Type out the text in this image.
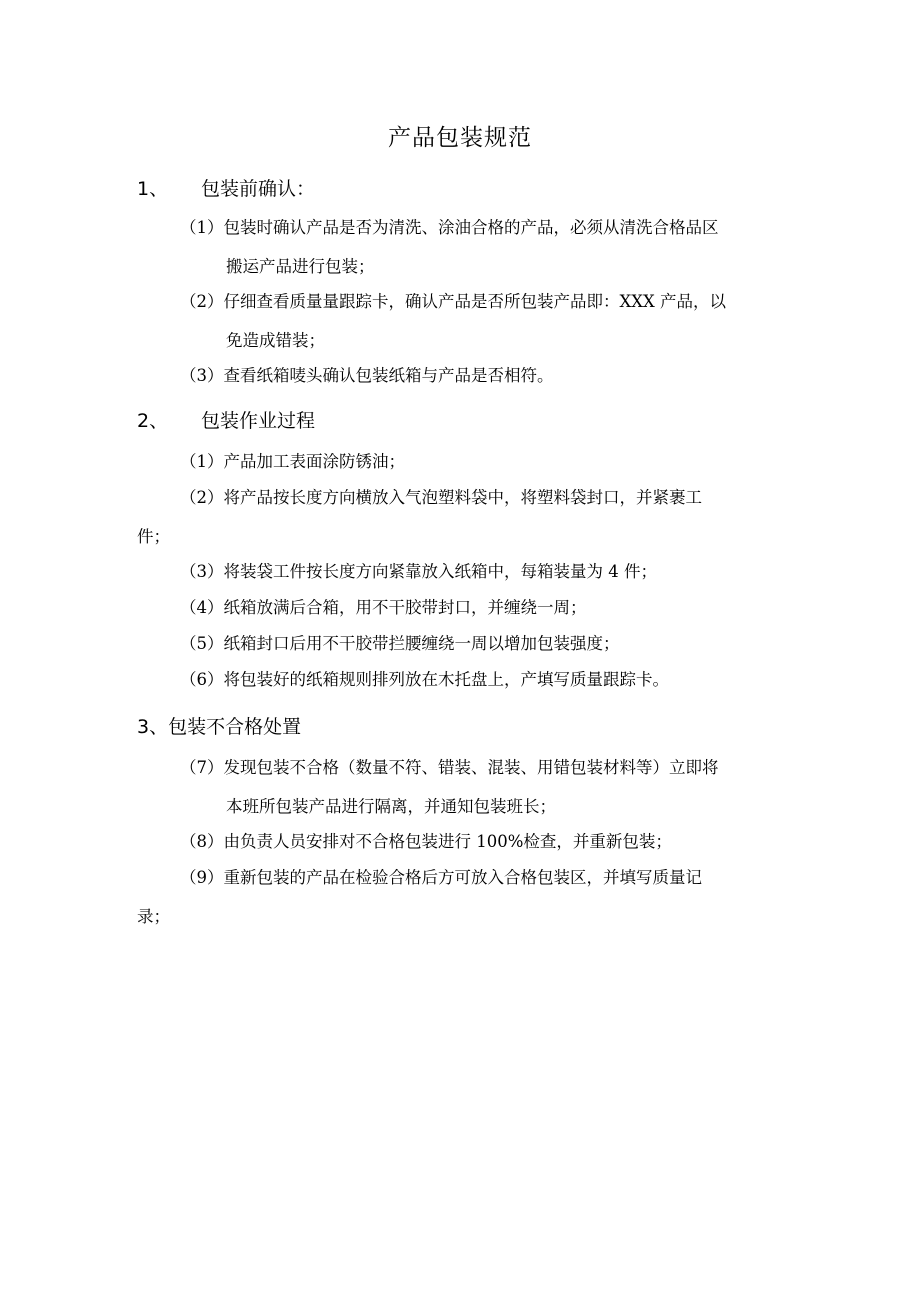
产品包装规范
1、 包装前确认：
（1）包装时确认产品是否为清洗、涂油合格的产品，必须从清洗合格品区
搬运产品进行包装；
（2）仔细查看质量量跟踪卡，确认产品是否所包装产品即：XXX 产品，以
免造成错装；
（3）查看纸箱唛头确认包装纸箱与产品是否相符。
2、 包装作业过程
（1）产品加工表面涂防锈油；
（2）将产品按长度方向横放入气泡塑料袋中，将塑料袋封口，并紧裹工
件；
（3）将装袋工件按长度方向紧靠放入纸箱中，每箱装量为 4 件；
（4）纸箱放满后合箱，用不干胶带封口，并缠绕一周；
（5）纸箱封口后用不干胶带拦腰缠绕一周以增加包装强度；
（6）将包装好的纸箱规则排列放在木托盘上，产填写质量跟踪卡。
3、包装不合格处置
（7）发现包装不合格（数量不符、错装、混装、用错包装材料等）立即将
本班所包装产品进行隔离，并通知包装班长；
（8）由负责人员安排对不合格包装进行 100%检查，并重新包装；
（9）重新包装的产品在检验合格后方可放入合格包装区，并填写质量记
录；
